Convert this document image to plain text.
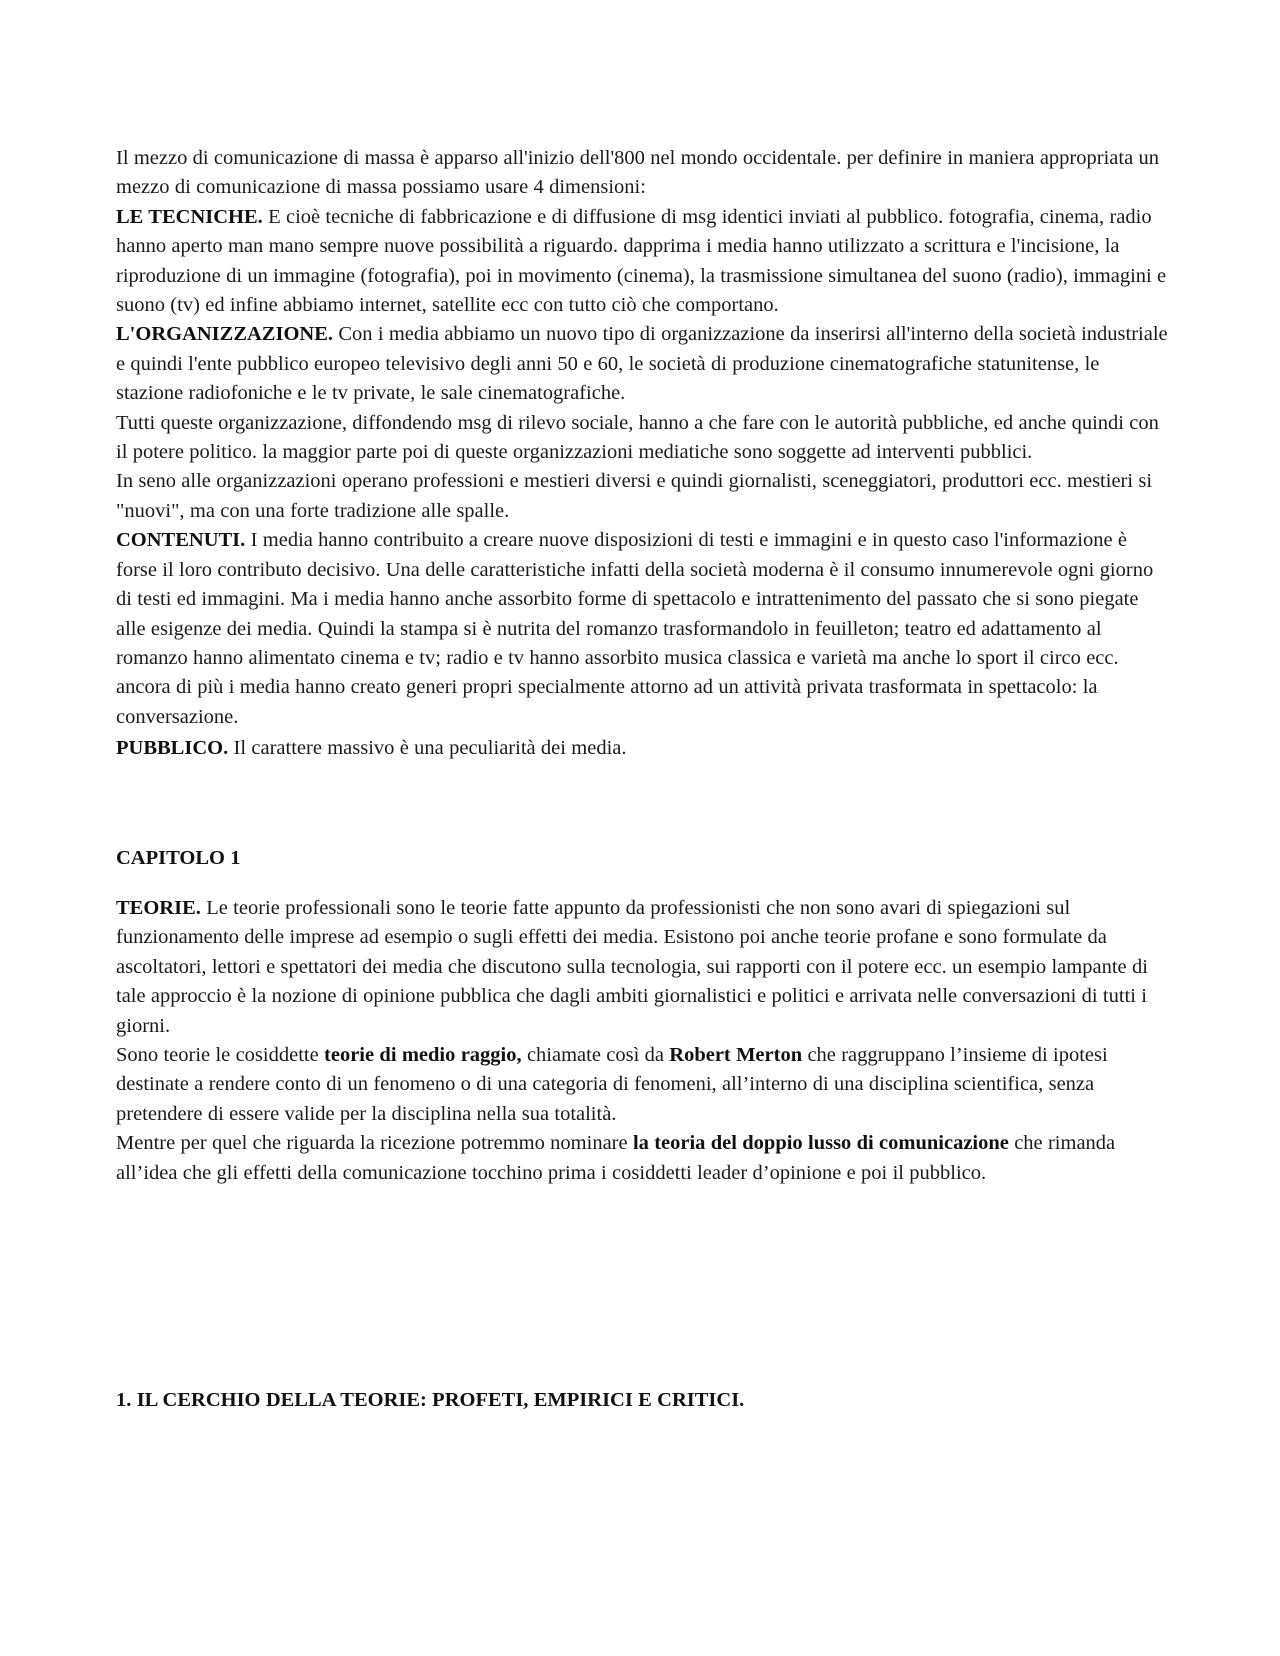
Il mezzo di comunicazione di massa è apparso all'inizio dell'800 nel mondo occidentale. per definire in maniera appropriata un mezzo di comunicazione di massa possiamo usare 4 dimensioni:

LE TECNICHE. E cioè tecniche di fabbricazione e di diffusione di msg identici inviati al pubblico. fotografia, cinema, radio hanno aperto man mano sempre nuove possibilità a riguardo. dapprima i media hanno utilizzato a scrittura e l'incisione, la riproduzione di un immagine (fotografia), poi in movimento (cinema), la trasmissione simultanea del suono (radio), immagini e suono (tv) ed infine abbiamo internet, satellite ecc con tutto ciò che comportano.

L'ORGANIZZAZIONE. Con i media abbiamo un nuovo tipo di organizzazione da inserirsi all'interno della società industriale e quindi l'ente pubblico europeo televisivo degli anni 50 e 60, le società di produzione cinematografiche statunitense, le stazione radiofoniche e le tv private, le sale cinematografiche.

Tutti queste organizzazione, diffondendo msg di rilevo sociale, hanno a che fare con le autorità pubbliche, ed anche quindi con il potere politico. la maggior parte poi di queste organizzazioni mediatiche sono soggette ad interventi pubblici.

In seno alle organizzazioni operano professioni e mestieri diversi e quindi giornalisti, sceneggiatori, produttori ecc. mestieri si "nuovi", ma con una forte tradizione alle spalle.

CONTENUTI. I media hanno contribuito a creare nuove disposizioni di testi e immagini e in questo caso l'informazione è forse il loro contributo decisivo. Una delle caratteristiche infatti della società moderna è il consumo innumerevole ogni giorno di testi ed immagini. Ma i media hanno anche assorbito forme di spettacolo e intrattenimento del passato che si sono piegate alle esigenze dei media. Quindi la stampa si è nutrita del romanzo trasformandolo in feuilleton; teatro ed adattamento al romanzo hanno alimentato cinema e tv; radio e tv hanno assorbito musica classica e varietà ma anche lo sport il circo ecc. ancora di più i media hanno creato generi propri specialmente attorno ad un attività privata trasformata in spettacolo: la conversazione.

PUBBLICO. Il carattere massivo è una peculiarità dei media.

CAPITOLO 1

TEORIE. Le teorie professionali sono le teorie fatte appunto da professionisti che non sono avari di spiegazioni sul funzionamento delle imprese ad esempio o sugli effetti dei media. Esistono poi anche teorie profane e sono formulate da ascoltatori, lettori e spettatori dei media che discutono sulla tecnologia, sui rapporti con il potere ecc. un esempio lampante di tale approccio è la nozione di opinione pubblica che dagli ambiti giornalistici e politici e arrivata nelle conversazioni di tutti i giorni.

Sono teorie le cosiddette teorie di medio raggio, chiamate così da Robert Merton che raggruppano l’insieme di ipotesi destinate a rendere conto di un fenomeno o di una categoria di fenomeni, all’interno di una disciplina scientifica, senza pretendere di essere valide per la disciplina nella sua totalità.

Mentre per quel che riguarda la ricezione potremmo nominare la teoria del doppio lusso di comunicazione che rimanda all’idea che gli effetti della comunicazione tocchino prima i cosiddetti leader d’opinione e poi il pubblico.

1. IL CERCHIO DELLA TEORIE: PROFETI, EMPIRICI E CRITICI.
